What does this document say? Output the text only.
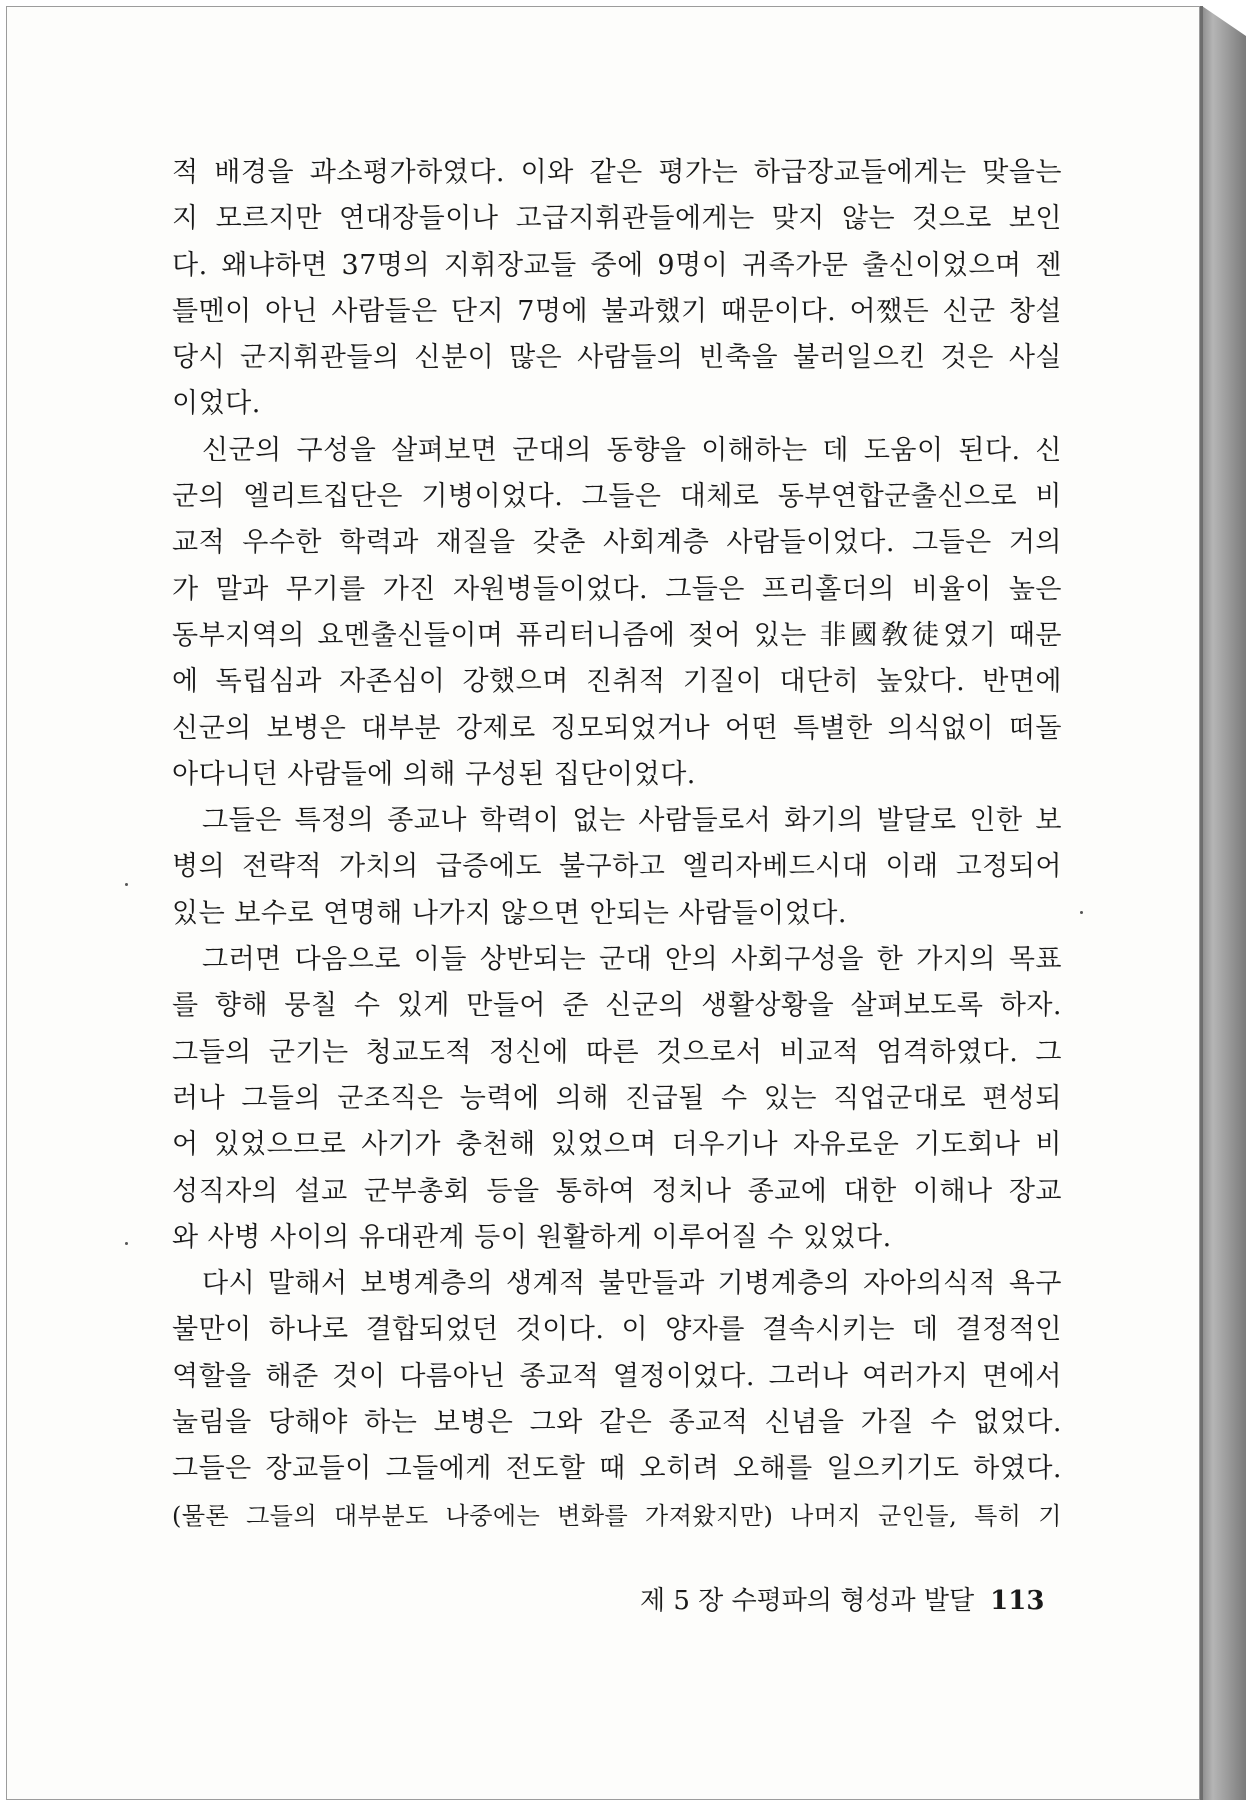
적 배경을 과소평가하였다. 이와 같은 평가는 하급장교들에게는 맞을는
지 모르지만 연대장들이나 고급지휘관들에게는 맞지 않는 것으로 보인
다. 왜냐하면 37명의 지휘장교들 중에 9명이 귀족가문 출신이었으며 젠
틀멘이 아닌 사람들은 단지 7명에 불과했기 때문이다. 어쨌든 신군 창설
당시 군지휘관들의 신분이 많은 사람들의 빈축을 불러일으킨 것은 사실
이었다.
신군의 구성을 살펴보면 군대의 동향을 이해하는 데 도움이 된다. 신
군의 엘리트집단은 기병이었다. 그들은 대체로 동부연합군출신으로 비
교적 우수한 학력과 재질을 갖춘 사회계층 사람들이었다. 그들은 거의
가 말과 무기를 가진 자원병들이었다. 그들은 프리홀더의 비율이 높은
동부지역의 요멘출신들이며 퓨리터니즘에 젖어 있는 非國敎徒였기 때문
에 독립심과 자존심이 강했으며 진취적 기질이 대단히 높았다. 반면에
신군의 보병은 대부분 강제로 징모되었거나 어떤 특별한 의식없이 떠돌
아다니던 사람들에 의해 구성된 집단이었다.
그들은 특정의 종교나 학력이 없는 사람들로서 화기의 발달로 인한 보
병의 전략적 가치의 급증에도 불구하고 엘리자베드시대 이래 고정되어
있는 보수로 연명해 나가지 않으면 안되는 사람들이었다.
그러면 다음으로 이들 상반되는 군대 안의 사회구성을 한 가지의 목표
를 향해 뭉칠 수 있게 만들어 준 신군의 생활상황을 살펴보도록 하자.
그들의 군기는 청교도적 정신에 따른 것으로서 비교적 엄격하였다. 그
러나 그들의 군조직은 능력에 의해 진급될 수 있는 직업군대로 편성되
어 있었으므로 사기가 충천해 있었으며 더우기나 자유로운 기도회나 비
성직자의 설교 군부총회 등을 통하여 정치나 종교에 대한 이해나 장교
와 사병 사이의 유대관계 등이 원활하게 이루어질 수 있었다.
다시 말해서 보병계층의 생계적 불만들과 기병계층의 자아의식적 욕구
불만이 하나로 결합되었던 것이다. 이 양자를 결속시키는 데 결정적인
역할을 해준 것이 다름아닌 종교적 열정이었다. 그러나 여러가지 면에서
눌림을 당해야 하는 보병은 그와 같은 종교적 신념을 가질 수 없었다.
그들은 장교들이 그들에게 전도할 때 오히려 오해를 일으키기도 하였다.
(물론 그들의 대부분도 나중에는 변화를 가져왔지만) 나머지 군인들, 특히 기
제 5 장 수평파의 형성과 발달 113
